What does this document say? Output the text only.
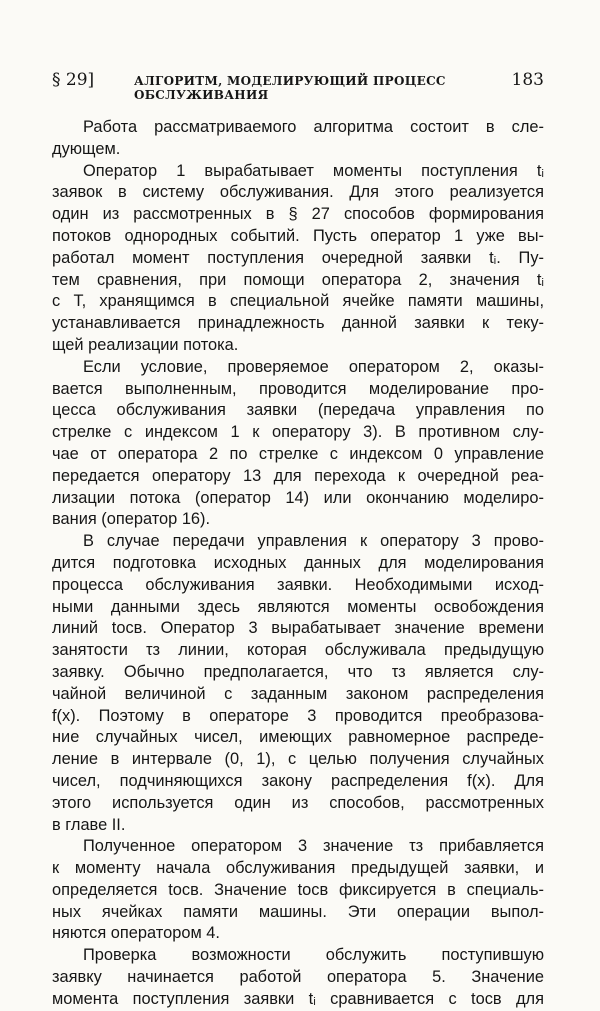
§ 29]	АЛГОРИТМ, МОДЕЛИРУЮЩИЙ ПРОЦЕСС ОБСЛУЖИВАНИЯ
183
Работа рассматриваемого алгоритма состоит в сле-
дующем.
Оператор 1 вырабатывает моменты поступления tᵢ
заявок в систему обслуживания. Для этого реализуется
один из рассмотренных в § 27 способов формирования
потоков однородных событий. Пусть оператор 1 уже вы-
работал момент поступления очередной заявки tᵢ. Пу-
тем сравнения, при помощи оператора 2, значения tᵢ
с T, хранящимся в специальной ячейке памяти машины,
устанавливается принадлежность данной заявки к теку-
щей реализации потока.
Если условие, проверяемое оператором 2, оказы-
вается выполненным, проводится моделирование про-
цесса обслуживания заявки (передача управления по
стрелке с индексом 1 к оператору 3). В противном слу-
чае от оператора 2 по стрелке с индексом 0 управление
передается оператору 13 для перехода к очередной реа-
лизации потока (оператор 14) или окончанию моделиро-
вания (оператор 16).
В случае передачи управления к оператору 3 прово-
дится подготовка исходных данных для моделирования
процесса обслуживания заявки. Необходимыми исход-
ными данными здесь являются моменты освобождения
линий tосв. Оператор 3 вырабатывает значение времени
занятости τз линии, которая обслуживала предыдущую
заявку. Обычно предполагается, что τз является слу-
чайной величиной с заданным законом распределения
f(x). Поэтому в операторе 3 проводится преобразова-
ние случайных чисел, имеющих равномерное распреде-
ление в интервале (0, 1), с целью получения случайных
чисел, подчиняющихся закону распределения f(x). Для
этого используется один из способов, рассмотренных
в главе II.
Полученное оператором 3 значение τз прибавляется
к моменту начала обслуживания предыдущей заявки, и
определяется tосв. Значение tосв фиксируется в специаль-
ных ячейках памяти машины. Эти операции выпол-
няются оператором 4.
Проверка возможности обслужить поступившую
заявку начинается работой оператора 5. Значение
момента поступления заявки tᵢ сравнивается с tосв для
